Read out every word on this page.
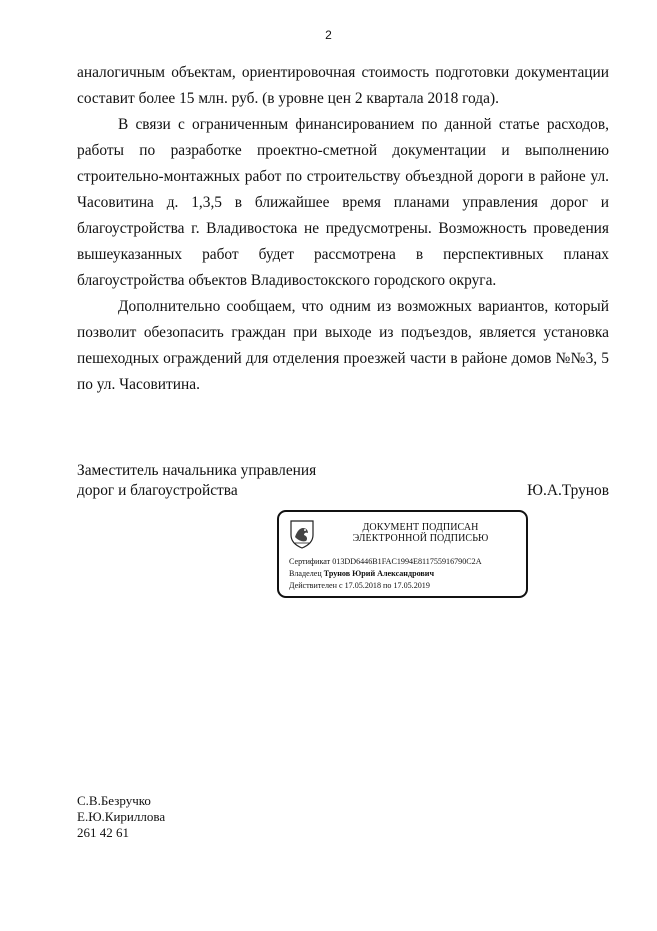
2

аналогичным объектам, ориентировочная стоимость подготовки документации составит более 15 млн. руб. (в уровне цен 2 квартала 2018 года).

В связи с ограниченным финансированием по данной статье расходов, работы по разработке проектно-сметной документации и выполнению строительно-монтажных работ по строительству объездной дороги в районе ул. Часовитина д. 1,3,5 в ближайшее время планами управления дорог и благоустройства г. Владивостока не предусмотрены. Возможность проведения вышеуказанных работ будет рассмотрена в перспективных планах благоустройства объектов Владивостокского городского округа.

Дополнительно сообщаем, что одним из возможных вариантов, который позволит обезопасить граждан при выходе из подъездов, является установка пешеходных ограждений для отделения проезжей части в районе домов №№3, 5 по ул. Часовитина.

Заместитель начальника управления
дорог и благоустройства	Ю.А.Трунов
ДОКУМЕНТ ПОДПИСАН
ЭЛЕКТРОННОЙ ПОДПИСЬЮ
Сертификат 013DD6446B1FAC1994E811755916790C2A
Владелец Трунов Юрий Александрович
Действителен с 17.05.2018 по 17.05.2019
С.В.Безручко
Е.Ю.Кириллова
261 42 61
